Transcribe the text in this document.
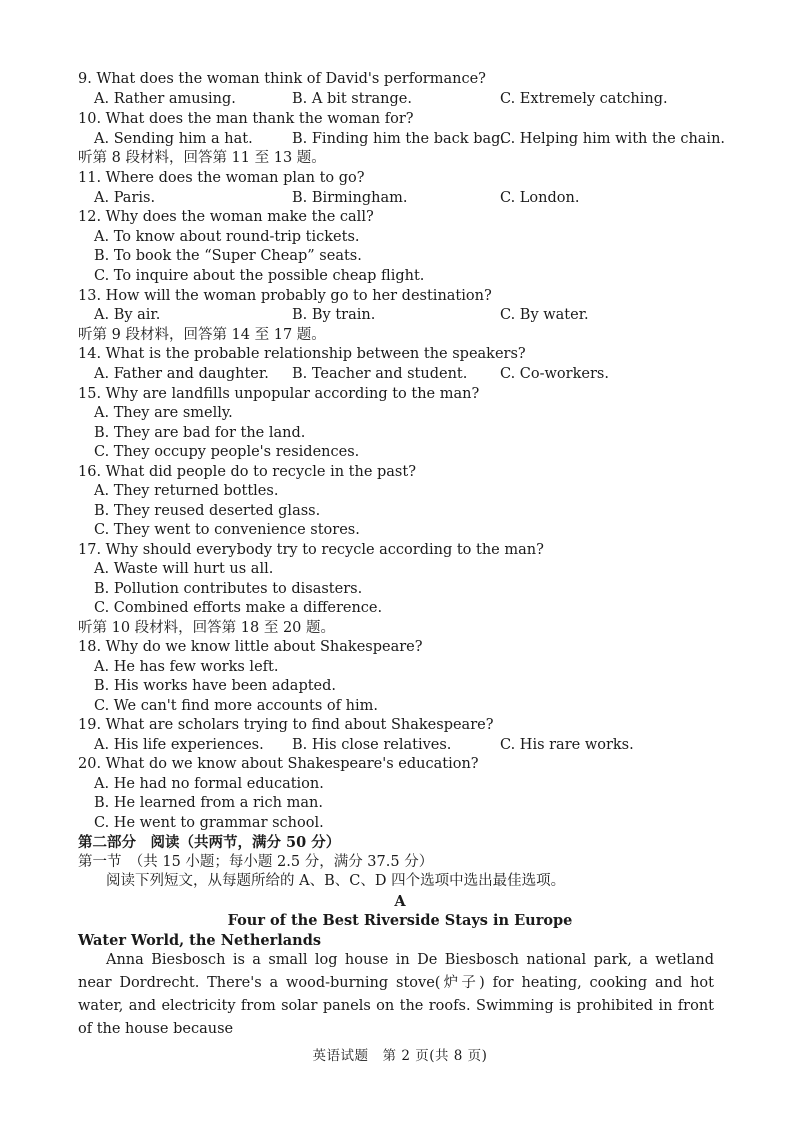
9. What does the woman think of David's performance?
A. Rather amusing.	B. A bit strange.	C. Extremely catching.
10. What does the man thank the woman for?
A. Sending him a hat.	B. Finding him the back bag.
C. Helping him with the chain.
听第 8 段材料，回答第 11 至 13 题。
11. Where does the woman plan to go?
A. Paris.	B. Birmingham.	C. London.
12. Why does the woman make the call?
A. To know about round-trip tickets.
B. To book the “Super Cheap” seats.
C. To inquire about the possible cheap flight.
13. How will the woman probably go to her destination?
A. By air.	B. By train.	C. By water.
听第 9 段材料，回答第 14 至 17 题。
14. What is the probable relationship between the speakers?
A. Father and daughter. B. Teacher and student. C. Co-workers.
15. Why are landfills unpopular according to the man?
A. They are smelly.
B. They are bad for the land.
C. They occupy people's residences.
16. What did people do to recycle in the past?
A. They returned bottles.
B. They reused deserted glass.
C. They went to convenience stores.
17. Why should everybody try to recycle according to the man?
A. Waste will hurt us all.
B. Pollution contributes to disasters.
C. Combined efforts make a difference.
听第 10 段材料，回答第 18 至 20 题。
18. Why do we know little about Shakespeare?
A. He has few works left.
B. His works have been adapted.
C. We can't find more accounts of him.
19. What are scholars trying to find about Shakespeare?
A. His life experiences. B. His close relatives.	C. His rare works.
20. What do we know about Shakespeare's education?
A. He had no formal education.
B. He learned from a rich man.
C. He went to grammar school.
第二部分　阅读（共两节，满分 50 分）
第一节　（共 15 小题；每小题 2.5 分，满分 37.5 分）
阅读下列短文，从每题所给的 A、B、C、D 四个选项中选出最佳选项。
A
Four of the Best Riverside Stays in Europe
Water World, the Netherlands
Anna Biesbosch is a small log house in De Biesbosch national park, a wetland near Dordrecht. There's a wood-burning stove(炉子) for heating, cooking and hot water, and electricity from solar panels on the roofs. Swimming is prohibited in front of the house because
英语试题　第 2 页(共 8 页)
